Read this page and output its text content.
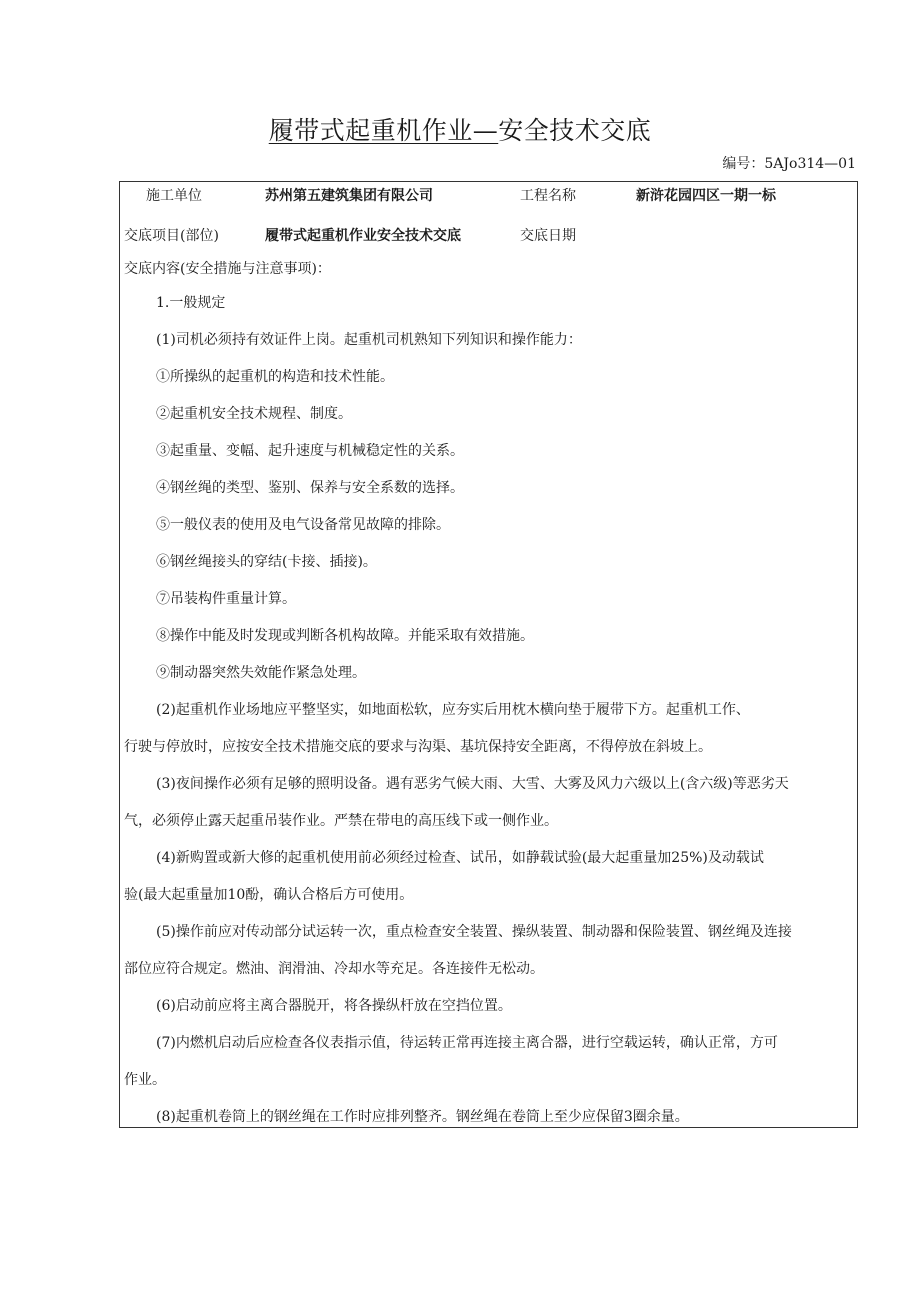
履带式起重机作业—安全技术交底
编号：5AJo314—01
施工单位	苏州第五建筑集团有限公司	工程名称	新浒花园四区一期一标
交底项目(部位)	履带式起重机作业安全技术交底	交底日期
交底内容(安全措施与注意事项)：
1.一般规定
(1)司机必须持有效证件上岗。起重机司机熟知下列知识和操作能力：
①所操纵的起重机的构造和技术性能。
②起重机安全技术规程、制度。
③起重量、变幅、起升速度与机械稳定性的关系。
④钢丝绳的类型、鉴别、保养与安全系数的选择。
⑤一般仪表的使用及电气设备常见故障的排除。
⑥钢丝绳接头的穿结(卡接、插接)。
⑦吊装构件重量计算。
⑧操作中能及时发现或判断各机构故障。并能采取有效措施。
⑨制动器突然失效能作紧急处理。
(2)起重机作业场地应平整坚实，如地面松软，应夯实后用枕木横向垫于履带下方。起重机工作、
行驶与停放时，应按安全技术措施交底的要求与沟渠、基坑保持安全距离，不得停放在斜坡上。
(3)夜间操作必须有足够的照明设备。遇有恶劣气候大雨、大雪、大雾及风力六级以上(含六级)等恶劣天
气，必须停止露天起重吊装作业。严禁在带电的高压线下或一侧作业。
(4)新购置或新大修的起重机使用前必须经过检查、试吊，如静载试验(最大起重量加25%)及动载试
验(最大起重量加10酚，确认合格后方可使用。
(5)操作前应对传动部分试运转一次，重点检查安全装置、操纵装置、制动器和保险装置、钢丝绳及连接
部位应符合规定。燃油、润滑油、冷却水等充足。各连接件无松动。
(6)启动前应将主离合器脱开，将各操纵杆放在空挡位置。
(7)内燃机启动后应检查各仪表指示值，待运转正常再连接主离合器，进行空载运转，确认正常，方可
作业。
(8)起重机卷筒上的钢丝绳在工作时应排列整齐。钢丝绳在卷筒上至少应保留3圈余量。
